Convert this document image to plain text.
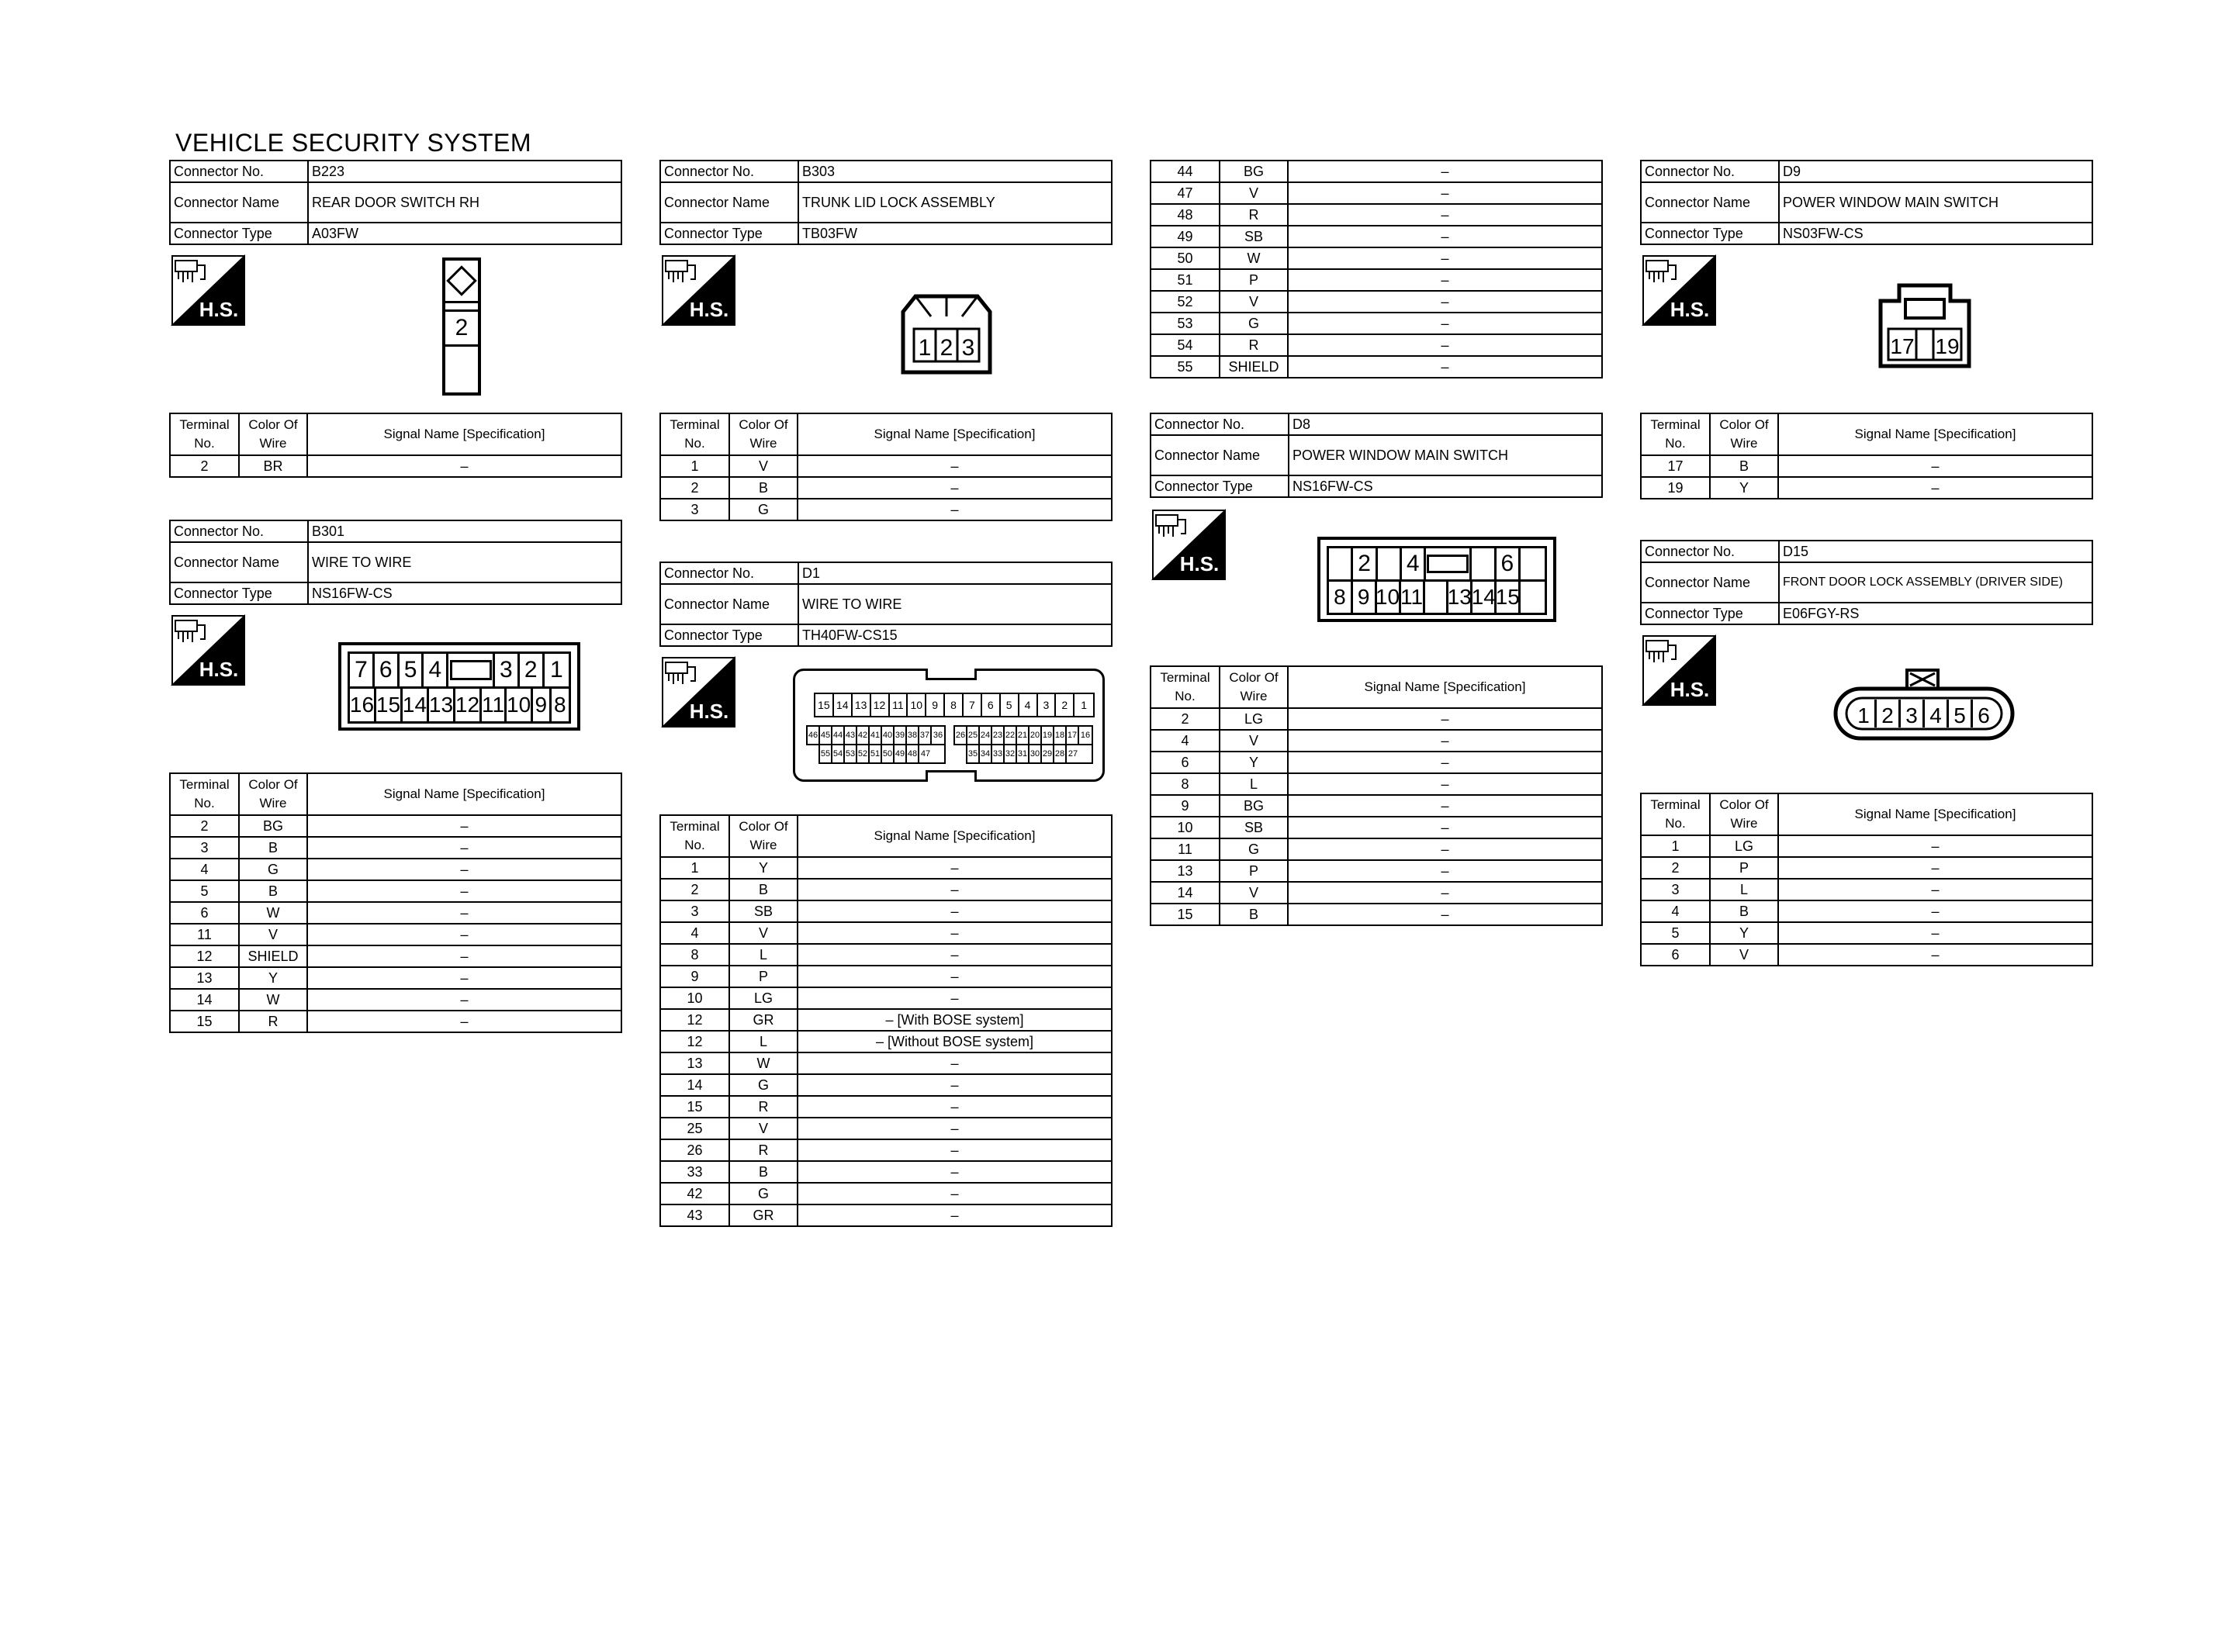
VEHICLE SECURITY SYSTEM
Connector No.	B223
Connector Name	REAR DOOR SWITCH RH
Connector Type	A03FW
Terminal No.	Color Of Wire	Signal Name [Specification]
2	BR	–
Connector No.	B301
Connector Name	WIRE TO WIRE
Connector Type	NS16FW-CS
Terminal No.	Color Of Wire	Signal Name [Specification]
2	BG	–
3	B	–
4	G	–
5	B	–
6	W	–
11	V	–
12	SHIELD	–
13	Y	–
14	W	–
15	R	–
Connector No.	B303
Connector Name	TRUNK LID LOCK ASSEMBLY
Connector Type	TB03FW
Terminal No.	Color Of Wire	Signal Name [Specification]
1	V	–
2	B	–
3	G	–
Connector No.	D1
Connector Name	WIRE TO WIRE
Connector Type	TH40FW-CS15
Terminal No.	Color Of Wire	Signal Name [Specification]
1	Y	–
2	B	–
3	SB	–
4	V	–
8	L	–
9	P	–
10	LG	–
12	GR	– [With BOSE system]
12	L	– [Without BOSE system]
13	W	–
14	G	–
15	R	–
25	V	–
26	R	–
33	B	–
42	G	–
43	GR	–
44	BG	–
47	V	–
48	R	–
49	SB	–
50	W	–
51	P	–
52	V	–
53	G	–
54	R	–
55	SHIELD	–
Connector No.	D8
Connector Name	POWER WINDOW MAIN SWITCH
Connector Type	NS16FW-CS
Terminal No.	Color Of Wire	Signal Name [Specification]
2	LG	–
4	V	–
6	Y	–
8	L	–
9	BG	–
10	SB	–
11	G	–
13	P	–
14	V	–
15	B	–
Connector No.	D9
Connector Name	POWER WINDOW MAIN SWITCH
Connector Type	NS03FW-CS
Terminal No.	Color Of Wire	Signal Name [Specification]
17	B	–
19	Y	–
Connector No.	D15
Connector Name	FRONT DOOR LOCK ASSEMBLY (DRIVER SIDE)
Connector Type	E06FGY-RS
Terminal No.	Color Of Wire	Signal Name [Specification]
1	LG	–
2	P	–
3	L	–
4	B	–
5	Y	–
6	V	–
2
1 2 3
7 6 5 4	3 2 1
16 15 14 13 12 11 10 9 8	15 14 13 12 11 10 9	8	7	6	5	4	3	2	1
46 45 44 43 42 41 40 39 38 37 36
55 54 53 52 51 50 49 48 47
26 25 24 23 22 21 20 19 18 17 16
35 34 33 32 31 30 29 28 27
2 4	6
8 9 10 11 13 14 15
17 19
1 2 3 4 5 6
H.S.	H.S.
H.S.
H.S.
H.S.
H.S.
H.S.
